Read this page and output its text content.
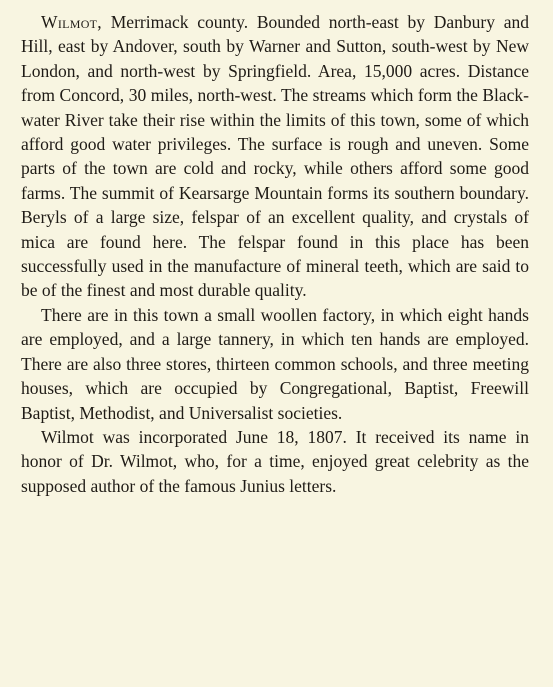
Wilmot, Merrimack county. Bounded north-east by Danbury and Hill, east by Andover, south by Warner and Sutton, south-west by New London, and north-west by Springfield. Area, 15,000 acres. Distance from Concord, 30 miles, north-west. The streams which form the Blackwater River take their rise within the limits of this town, some of which afford good water privileges. The surface is rough and uneven. Some parts of the town are cold and rocky, while others afford some good farms. The summit of Kearsarge Mountain forms its southern boundary. Beryls of a large size, felspar of an excellent quality, and crystals of mica are found here. The felspar found in this place has been successfully used in the manufacture of mineral teeth, which are said to be of the finest and most durable quality.

There are in this town a small woollen factory, in which eight hands are employed, and a large tannery, in which ten hands are employed. There are also three stores, thirteen common schools, and three meeting houses, which are occupied by Congregational, Baptist, Freewill Baptist, Methodist, and Universalist societies.

Wilmot was incorporated June 18, 1807. It received its name in honor of Dr. Wilmot, who, for a time, enjoyed great celebrity as the supposed author of the famous Junius letters.
